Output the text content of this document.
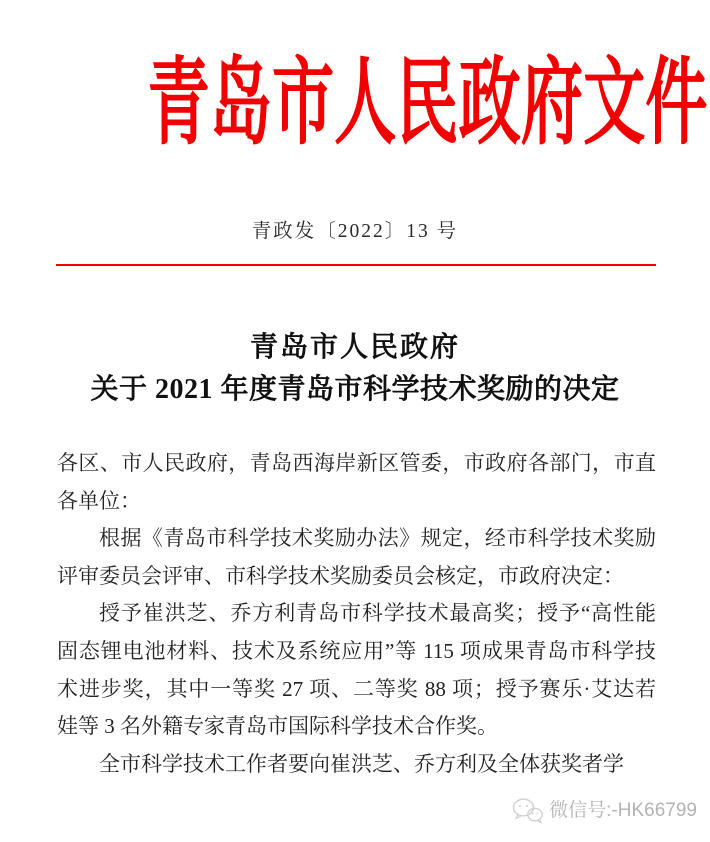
青岛市人民政府文件
青政发〔2022〕13 号
青岛市人民政府
关于 2021 年度青岛市科学技术奖励的决定
各区、市人民政府，青岛西海岸新区管委，市政府各部门，市直
各单位：
根据《青岛市科学技术奖励办法》规定，经市科学技术奖励
评审委员会评审、市科学技术奖励委员会核定，市政府决定：
授予崔洪芝、乔方利青岛市科学技术最高奖；授予“高性能
固态锂电池材料、技术及系统应用”等 115 项成果青岛市科学技
术进步奖，其中一等奖 27 项、二等奖 88 项；授予赛乐·艾达若
娃等 3 名外籍专家青岛市国际科学技术合作奖。
全市科学技术工作者要向崔洪芝、乔方利及全体获奖者学
微信号:-HK66799
